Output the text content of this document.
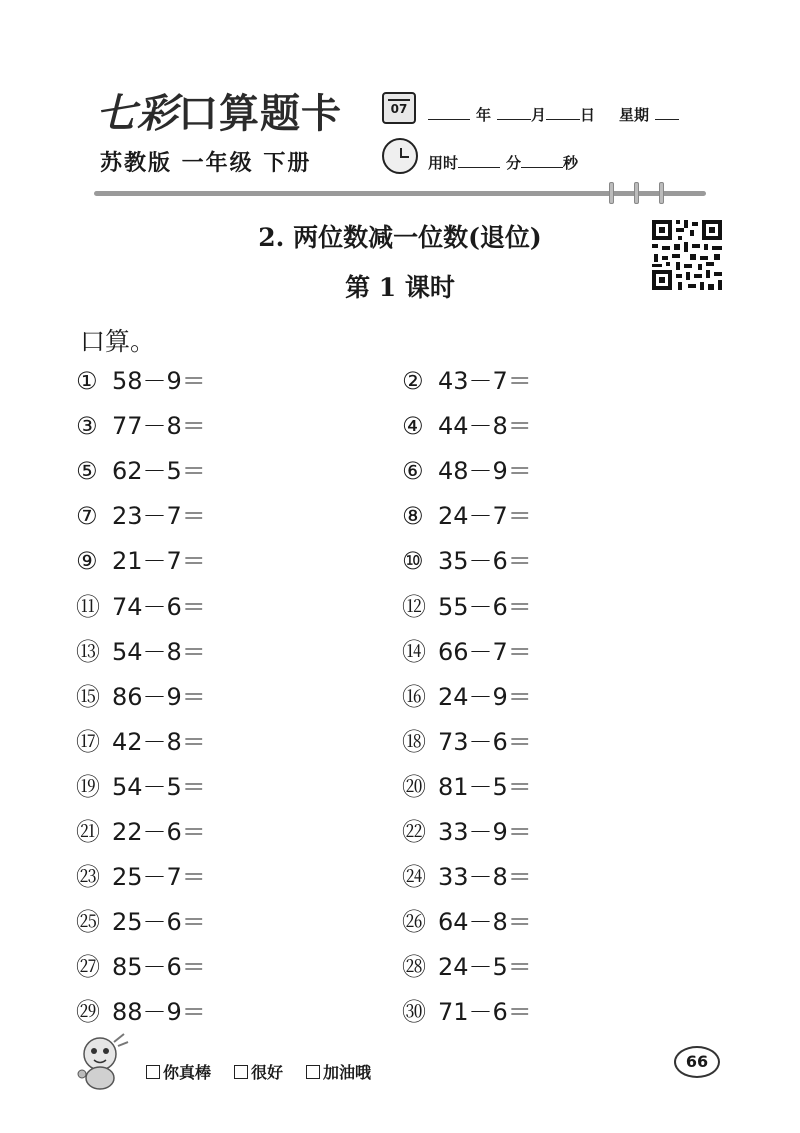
七彩口算题卡
苏教版 一年级 下册
07	年	月 日 星期
用时	分	秒
2. 两位数减一位数(退位)
第 1 课时
口算。
① 58－9＝	② 43－7＝
③ 77－8＝	④ 44－8＝
⑤ 62－5＝	⑥ 48－9＝
⑦ 23－7＝	⑧ 24－7＝
⑨ 21－7＝	⑩ 35－6＝
⑪ 74－6＝	⑫ 55－6＝
⑬ 54－8＝	⑭ 66－7＝
⑮ 86－9＝	⑯ 24－9＝
⑰ 42－8＝	⑱ 73－6＝
⑲ 54－5＝	⑳ 81－5＝
㉑ 22－6＝	㉒ 33－9＝
㉓ 25－7＝	㉔ 33－8＝
㉕ 25－6＝	㉖ 64－8＝
㉗ 85－6＝	㉘ 24－5＝
㉙ 88－9＝	㉚ 71－6＝
你真棒	很好	加油哦
66
